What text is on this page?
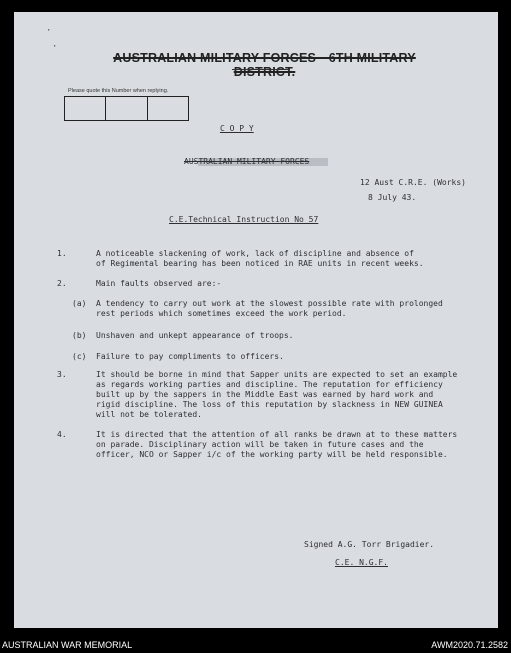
·
·
AUSTRALIAN MILITARY FORCES—6TH MILITARY DISTRICT.
Please quote this Number when replying.
C O P Y
AUSTRALIAN MILITARY FORCES
12 Aust C.R.E. (Works)
8 July 43.
C.E.Technical Instruction No 57
1.	A noticeable slackening of work, lack of discipline and absence of
of Regimental bearing has been noticed in RAE units in recent weeks.
2.	Main faults observed are:-
(a) A tendency to carry out work at the slowest possible rate with prolonged
rest periods which sometimes exceed the work period.
(b) Unshaven and unkept appearance of troops.
(c) Failure to pay compliments to officers.
3.	It should be borne in mind that Sapper units are expected to set an example
as regards working parties and discipline. The reputation for efficiency
built up by the sappers in the Middle East was earned by hard work and
rigid discipline. The loss of this reputation by slackness in NEW GUINEA
will not be tolerated.
4.	It is directed that the attention of all ranks be drawn at to these matters
on parade. Disciplinary action will be taken in future cases and the
officer, NCO or Sapper i/c of the working party will be held responsible.
Signed A.G. Torr Brigadier.
C.E. N.G.F.
AUSTRALIAN WAR MEMORIAL	AWM2020.71.2582
